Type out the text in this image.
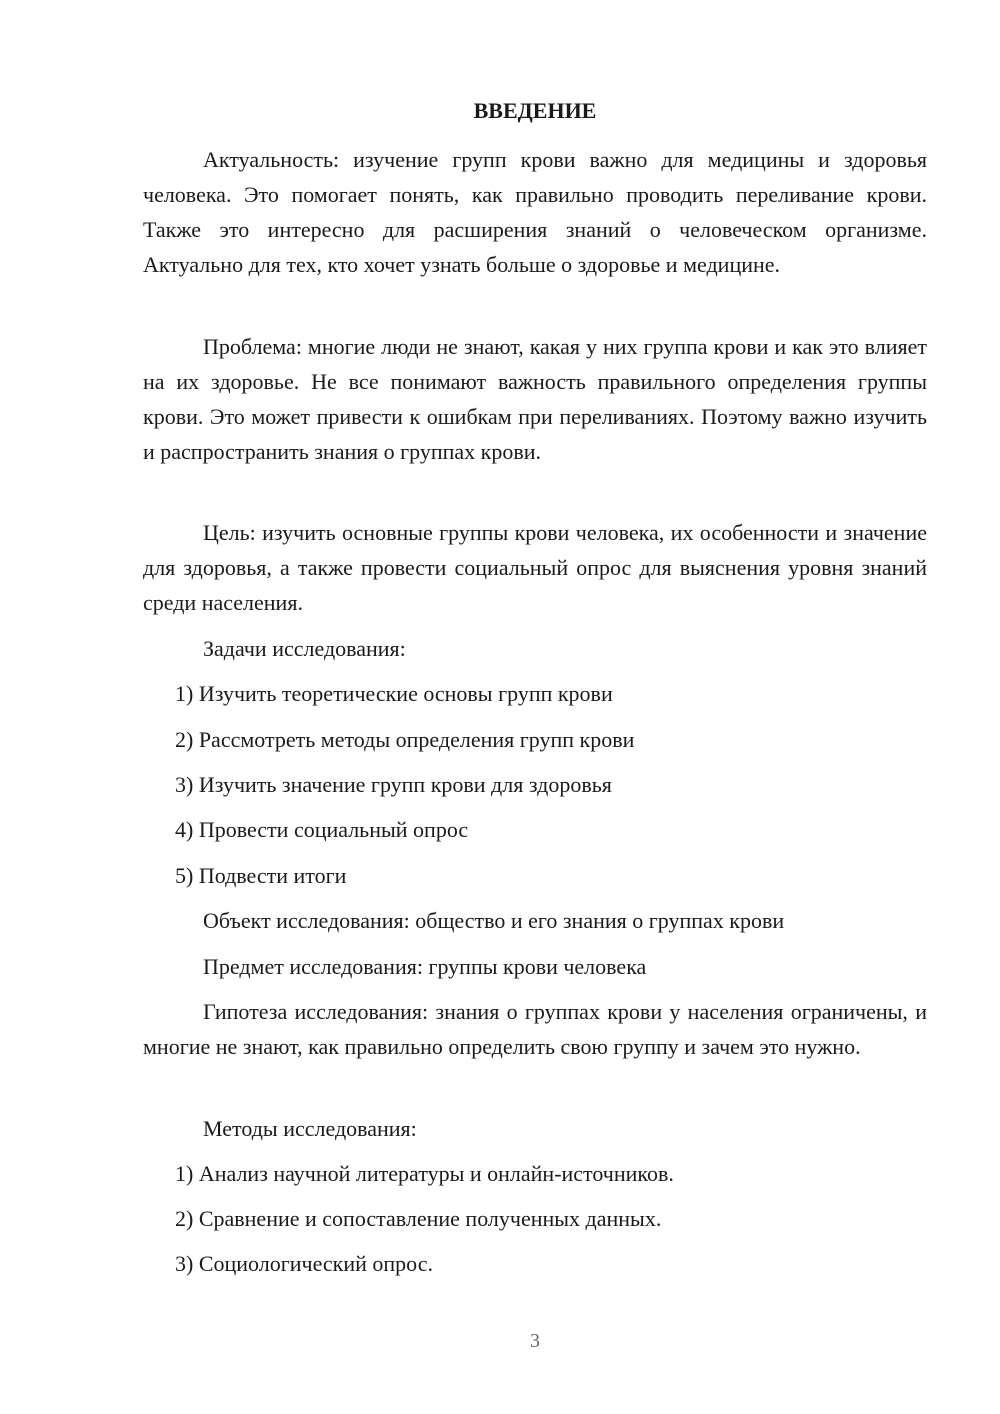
ВВЕДЕНИЕ

Актуальность: изучение групп крови важно для медицины и здоровья человека. Это помогает понять, как правильно проводить переливание крови. Также это интересно для расширения знаний о человеческом организме. Актуально для тех, кто хочет узнать больше о здоровье и медицине.

Проблема: многие люди не знают, какая у них группа крови и как это влияет на их здоровье. Не все понимают важность правильного определения группы крови. Это может привести к ошибкам при переливаниях. Поэтому важно изучить и распространить знания о группах крови.

Цель: изучить основные группы крови человека, их особенности и значение для здоровья, а также провести социальный опрос для выяснения уровня знаний среди населения.

Задачи исследования:

1) Изучить теоретические основы групп крови

2) Рассмотреть методы определения групп крови

3) Изучить значение групп крови для здоровья

4) Провести социальный опрос

5) Подвести итоги

Объект исследования: общество и его знания о группах крови

Предмет исследования: группы крови человека

Гипотеза исследования: знания о группах крови у населения ограничены, и многие не знают, как правильно определить свою группу и зачем это нужно.

Методы исследования:

1) Анализ научной литературы и онлайн-источников.

2) Сравнение и сопоставление полученных данных.

3) Социологический опрос.

3
